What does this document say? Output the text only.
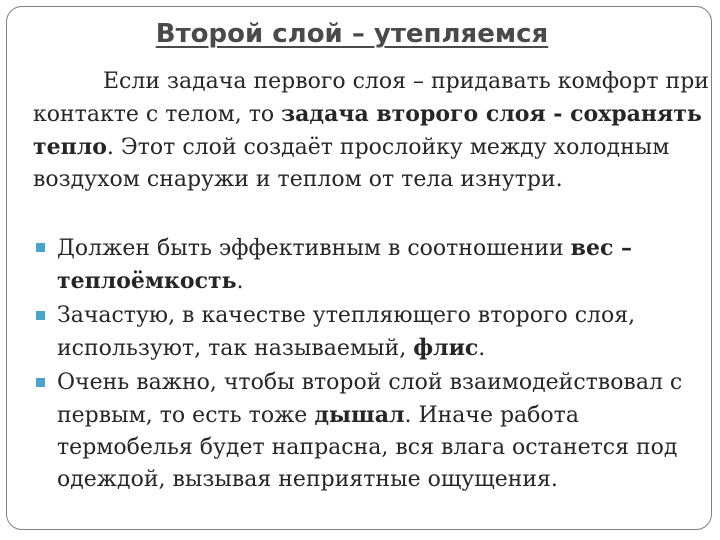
Второй слой – утепляемся

Если задача первого слоя – придавать комфорт при контакте с телом, то задача второго слоя - сохранять тепло. Этот слой создаёт прослойку между холодным воздухом снаружи и теплом от тела изнутри.

Должен быть эффективным в соотношении вес – теплоёмкость.
Зачастую, в качестве утепляющего второго слоя, используют, так называемый, флис.
Очень важно, чтобы второй слой взаимодействовал с первым, то есть тоже дышал. Иначе работа термобелья будет напрасна, вся влага останется под одеждой, вызывая неприятные ощущения.
